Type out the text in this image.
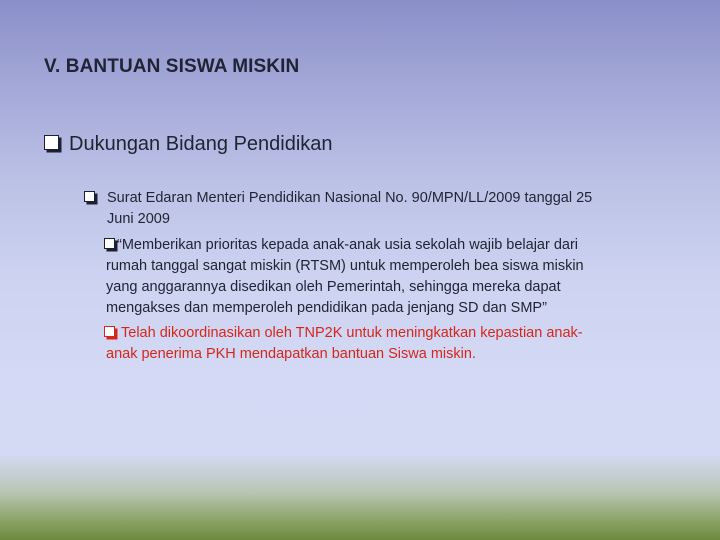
V. BANTUAN SISWA MISKIN
Dukungan Bidang Pendidikan
Surat Edaran Menteri Pendidikan Nasional No. 90/MPN/LL/2009 tanggal 25
Juni 2009
“Memberikan prioritas kepada anak-anak usia sekolah wajib belajar dari
rumah tanggal sangat miskin (RTSM) untuk memperoleh bea siswa miskin
yang anggarannya disedikan oleh Pemerintah, sehingga mereka dapat
mengakses dan memperoleh pendidikan pada jenjang SD dan SMP”
Telah dikoordinasikan oleh TNP2K untuk meningkatkan kepastian anak-
anak penerima PKH mendapatkan bantuan Siswa miskin.
